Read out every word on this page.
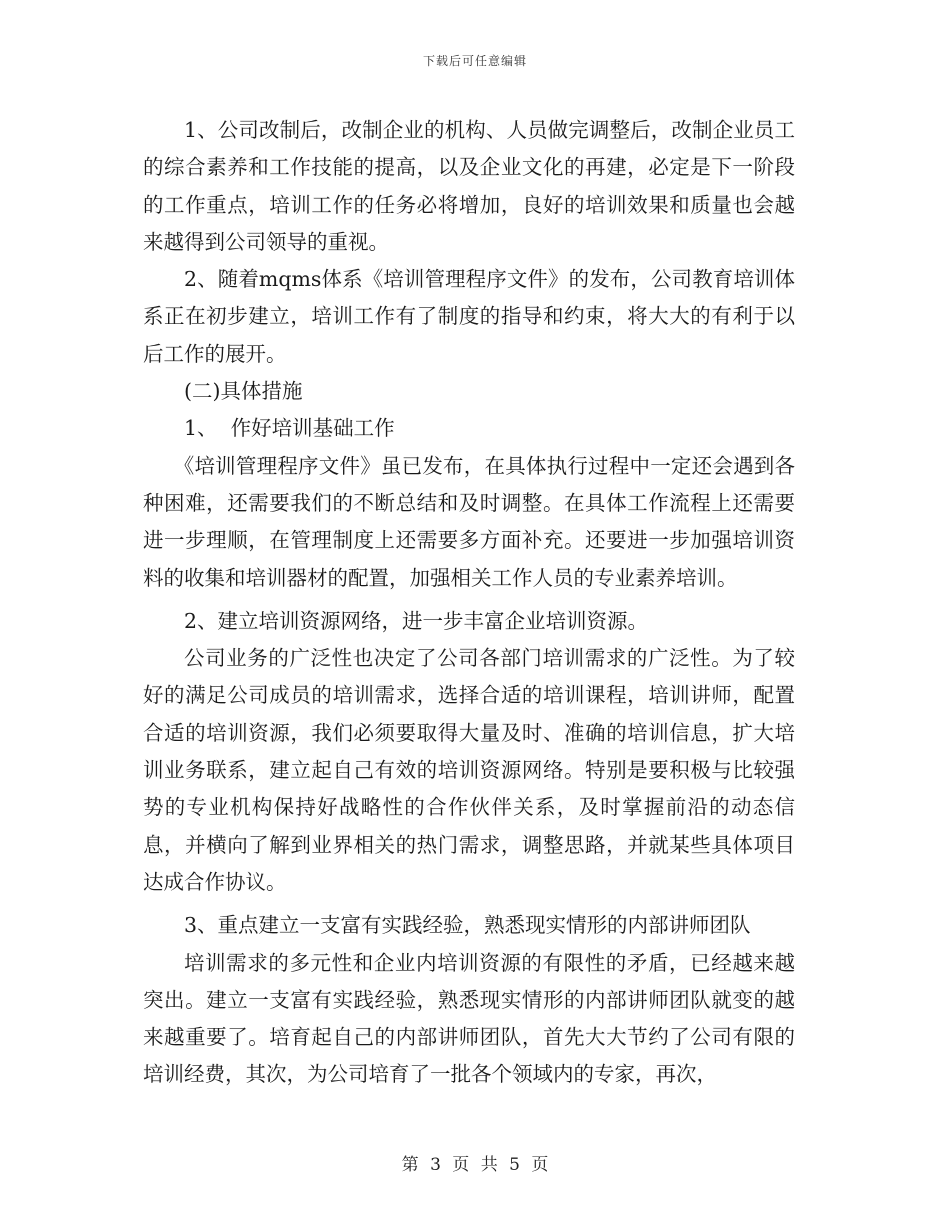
下载后可任意编辑

1、公司改制后，改制企业的机构、人员做完调整后，改制企业员工的综合素养和工作技能的提高，以及企业文化的再建，必定是下一阶段的工作重点，培训工作的任务必将增加，良好的培训效果和质量也会越来越得到公司领导的重视。

2、随着mqms体系《培训管理程序文件》的发布，公司教育培训体系正在初步建立，培训工作有了制度的指导和约束，将大大的有利于以后工作的展开。

(二)具体措施

1、  作好培训基础工作

《培训管理程序文件》虽已发布，在具体执行过程中一定还会遇到各种困难，还需要我们的不断总结和及时调整。在具体工作流程上还需要进一步理顺，在管理制度上还需要多方面补充。还要进一步加强培训资料的收集和培训器材的配置，加强相关工作人员的专业素养培训。

2、建立培训资源网络，进一步丰富企业培训资源。

公司业务的广泛性也决定了公司各部门培训需求的广泛性。为了较好的满足公司成员的培训需求，选择合适的培训课程，培训讲师，配置合适的培训资源，我们必须要取得大量及时、准确的培训信息，扩大培训业务联系，建立起自己有效的培训资源网络。特别是要积极与比较强势的专业机构保持好战略性的合作伙伴关系，及时掌握前沿的动态信息，并横向了解到业界相关的热门需求，调整思路，并就某些具体项目达成合作协议。

3、重点建立一支富有实践经验，熟悉现实情形的内部讲师团队

培训需求的多元性和企业内培训资源的有限性的矛盾，已经越来越突出。建立一支富有实践经验，熟悉现实情形的内部讲师团队就变的越来越重要了。培育起自己的内部讲师团队，首先大大节约了公司有限的培训经费，其次，为公司培育了一批各个领域内的专家，再次，

第 3 页 共 5 页
